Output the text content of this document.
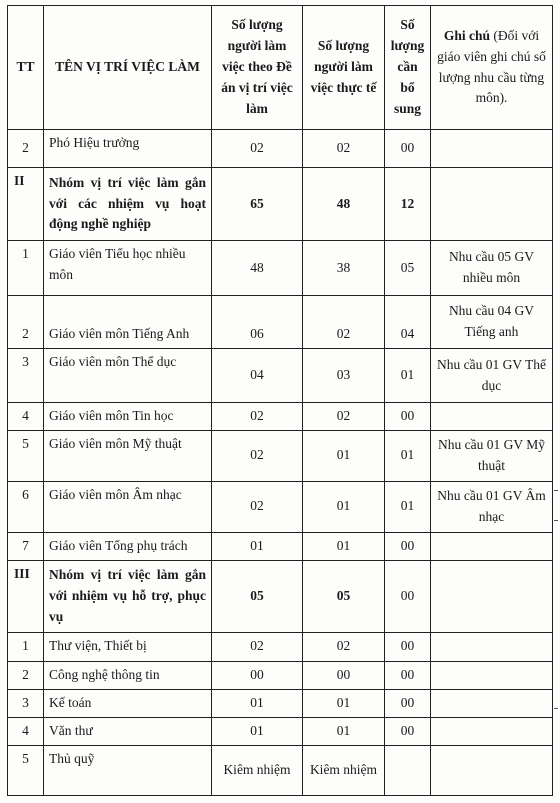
TT	TÊN VỊ TRÍ VIỆC LÀM	Số lượng người làm việc theo Đề án vị trí việc làm	Số lượng người làm việc thực tế	Số lượng cần bổ sung	Ghi chú (Đối với giáo viên ghi chú số lượng nhu cầu từng môn).
2	Phó Hiệu trưởng	02	02	00	
II	Nhóm vị trí việc làm gắn với các nhiệm vụ hoạt động nghề nghiệp	65	48	12	
1	Giáo viên Tiểu học nhiều môn	48	38	05	Nhu cầu 05 GV nhiều môn
2	Giáo viên môn Tiếng Anh	06	02	04	Nhu cầu 04 GV Tiếng anh
3	Giáo viên môn Thể dục	04	03	01	Nhu cầu 01 GV Thể dục
4	Giáo viên môn Tin học	02	02	00	
5	Giáo viên môn Mỹ thuật	02	01	01	Nhu cầu 01 GV Mỹ thuật
6	Giáo viên môn Âm nhạc	02	01	01	Nhu cầu 01 GV Âm nhạc
7	Giáo viên Tổng phụ trách	01	01	00	
III	Nhóm vị trí việc làm gắn với nhiệm vụ hỗ trợ, phục vụ	05	05	00	
1	Thư viện, Thiết bị	02	02	00	
2	Công nghệ thông tin	00	00	00	
3	Kế toán	01	01	00	
4	Văn thư	01	01	00	
5	Thủ quỹ	Kiêm nhiệm	Kiêm nhiệm		
